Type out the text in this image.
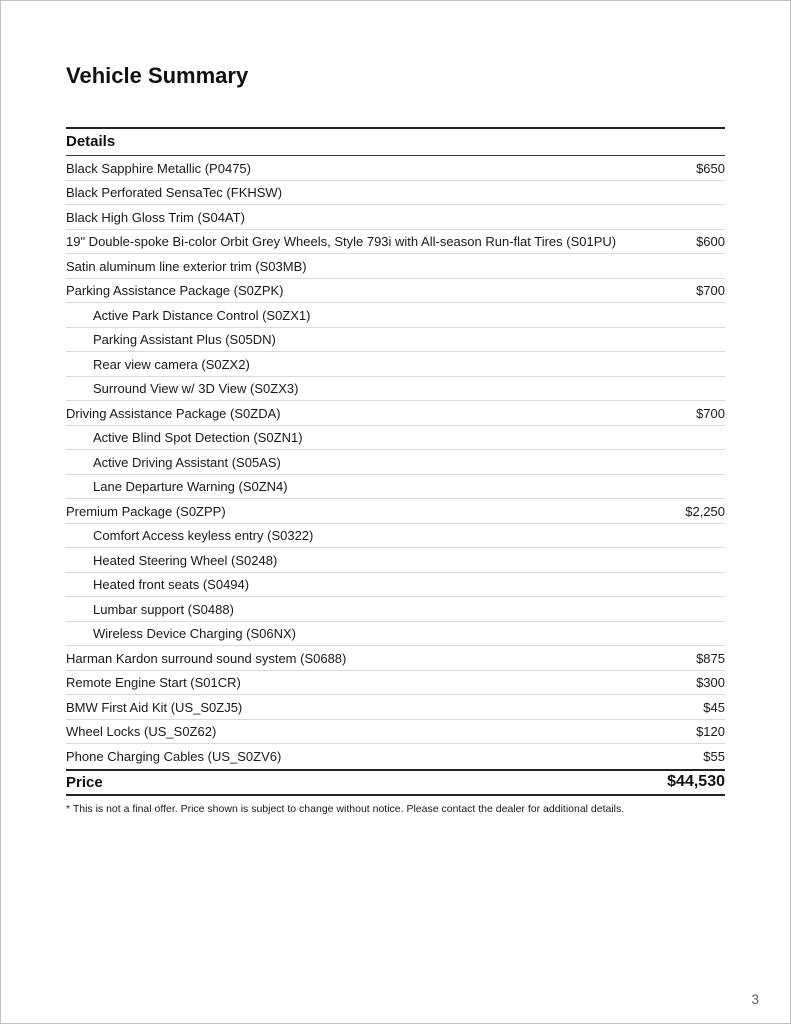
Vehicle Summary
Details
Black Sapphire Metallic (P0475)	$650
Black Perforated SensaTec (FKHSW)
Black High Gloss Trim (S04AT)
19" Double-spoke Bi-color Orbit Grey Wheels, Style 793i with All-season Run-flat Tires (S01PU)	$600
Satin aluminum line exterior trim (S03MB)
Parking Assistance Package (S0ZPK)	$700
Active Park Distance Control (S0ZX1)
Parking Assistant Plus (S05DN)
Rear view camera (S0ZX2)
Surround View w/ 3D View (S0ZX3)
Driving Assistance Package (S0ZDA)	$700
Active Blind Spot Detection (S0ZN1)
Active Driving Assistant (S05AS)
Lane Departure Warning (S0ZN4)
Premium Package (S0ZPP)	$2,250
Comfort Access keyless entry (S0322)
Heated Steering Wheel (S0248)
Heated front seats (S0494)
Lumbar support (S0488)
Wireless Device Charging (S06NX)
Harman Kardon surround sound system (S0688)	$875
Remote Engine Start (S01CR)	$300
BMW First Aid Kit (US_S0ZJ5)	$45
Wheel Locks (US_S0Z62)	$120
Phone Charging Cables (US_S0ZV6)	$55
Price	$44,530
* This is not a final offer. Price shown is subject to change without notice. Please contact the dealer for additional details.
3
